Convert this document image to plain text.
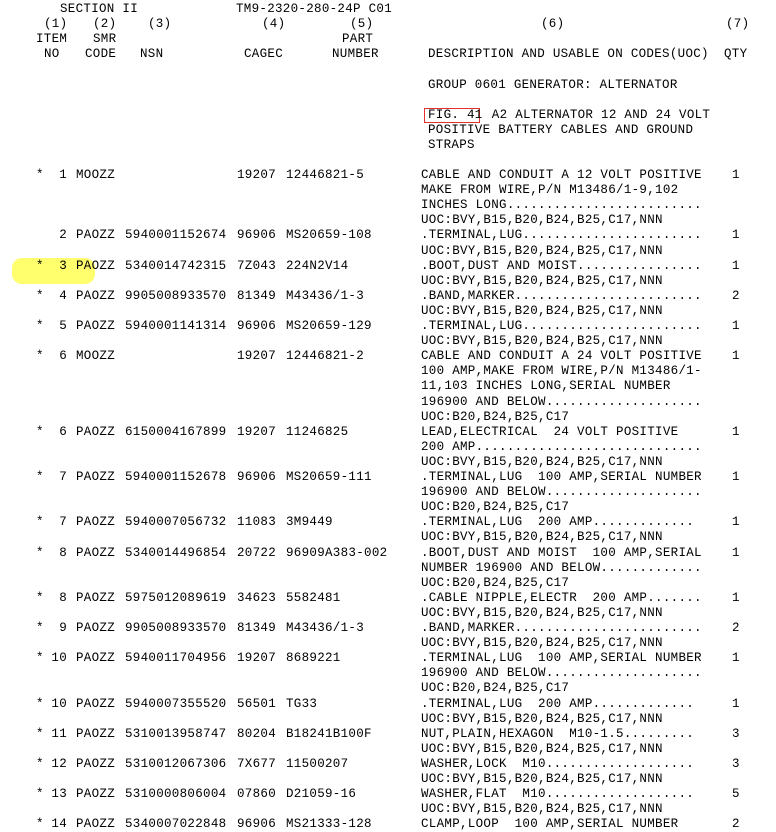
SECTION II	TM9-2320-280-24P C01
(1) (2)	(3)	(4)	(5)	(6)	(7)
ITEM SMR	PART
NO CODE NSN	CAGEC	NUMBER	DESCRIPTION AND USABLE ON CODES(UOC) QTY
GROUP 0601 GENERATOR: ALTERNATOR
FIG. 41 A2 ALTERNATOR 12 AND 24 VOLT
POSITIVE BATTERY CABLES AND GROUND
STRAPS
* 1 MOOZZ	19207 12446821-5	1
CABLE AND CONDUIT A 12 VOLT POSITIVE
MAKE FROM WIRE,P/N M13486/1-9,102
INCHES LONG.........................
UOC:BVY,B15,B20,B24,B25,C17,NNN
2 PAOZZ 5940001152674 96906 MS20659-108	1
.TERMINAL,LUG.......................
UOC:BVY,B15,B20,B24,B25,C17,NNN
* 3 PAOZZ 5340014742315 7Z043 224N2V14	1
.BOOT,DUST AND MOIST................
UOC:BVY,B15,B20,B24,B25,C17,NNN
* 4 PAOZZ 9905008933570 81349 M43436/1-3	2
.BAND,MARKER........................
UOC:BVY,B15,B20,B24,B25,C17,NNN
* 5 PAOZZ 5940001141314 96906 MS20659-129	1
.TERMINAL,LUG.......................
UOC:BVY,B15,B20,B24,B25,C17,NNN
* 6 MOOZZ	19207 12446821-2	1
CABLE AND CONDUIT A 24 VOLT POSITIVE
100 AMP,MAKE FROM WIRE,P/N M13486/1-
11,103 INCHES LONG,SERIAL NUMBER
196900 AND BELOW....................
UOC:B20,B24,B25,C17
* 6 PAOZZ 6150004167899 19207 11246825	1
LEAD,ELECTRICAL  24 VOLT POSITIVE
200 AMP.............................
UOC:BVY,B15,B20,B24,B25,C17,NNN
* 7 PAOZZ 5940001152678 96906 MS20659-111	1
.TERMINAL,LUG  100 AMP,SERIAL NUMBER
196900 AND BELOW....................
UOC:B20,B24,B25,C17
* 7 PAOZZ 5940007056732 11083 3M9449	1
.TERMINAL,LUG  200 AMP.............
UOC:BVY,B15,B20,B24,B25,C17,NNN
* 8 PAOZZ 5340014496854 20722 96909A383-002	1
.BOOT,DUST AND MOIST  100 AMP,SERIAL
NUMBER 196900 AND BELOW.............
UOC:B20,B24,B25,C17
* 8 PAOZZ 5975012089619 34623 5582481	1
.CABLE NIPPLE,ELECTR  200 AMP.......
UOC:BVY,B15,B20,B24,B25,C17,NNN
* 9 PAOZZ 9905008933570 81349 M43436/1-3	2
.BAND,MARKER........................
UOC:BVY,B15,B20,B24,B25,C17,NNN
* 10 PAOZZ 5940011704956 19207 8689221	1
.TERMINAL,LUG  100 AMP,SERIAL NUMBER
196900 AND BELOW....................
UOC:B20,B24,B25,C17
* 10 PAOZZ 5940007355520 56501 TG33	1
.TERMINAL,LUG  200 AMP.............
UOC:BVY,B15,B20,B24,B25,C17,NNN
* 11 PAOZZ 5310013958747 80204 B18241B100F	3
NUT,PLAIN,HEXAGON  M10-1.5.........
UOC:BVY,B15,B20,B24,B25,C17,NNN
* 12 PAOZZ 5310012067306 7X677 11500207	3
WASHER,LOCK  M10...................
UOC:BVY,B15,B20,B24,B25,C17,NNN
* 13 PAOZZ 5310000806004 07860 D21059-16	5
WASHER,FLAT  M10...................
UOC:BVY,B15,B20,B24,B25,C17,NNN
* 14 PAOZZ 5340007022848 96906 MS21333-128	2
CLAMP,LOOP  100 AMP,SERIAL NUMBER
